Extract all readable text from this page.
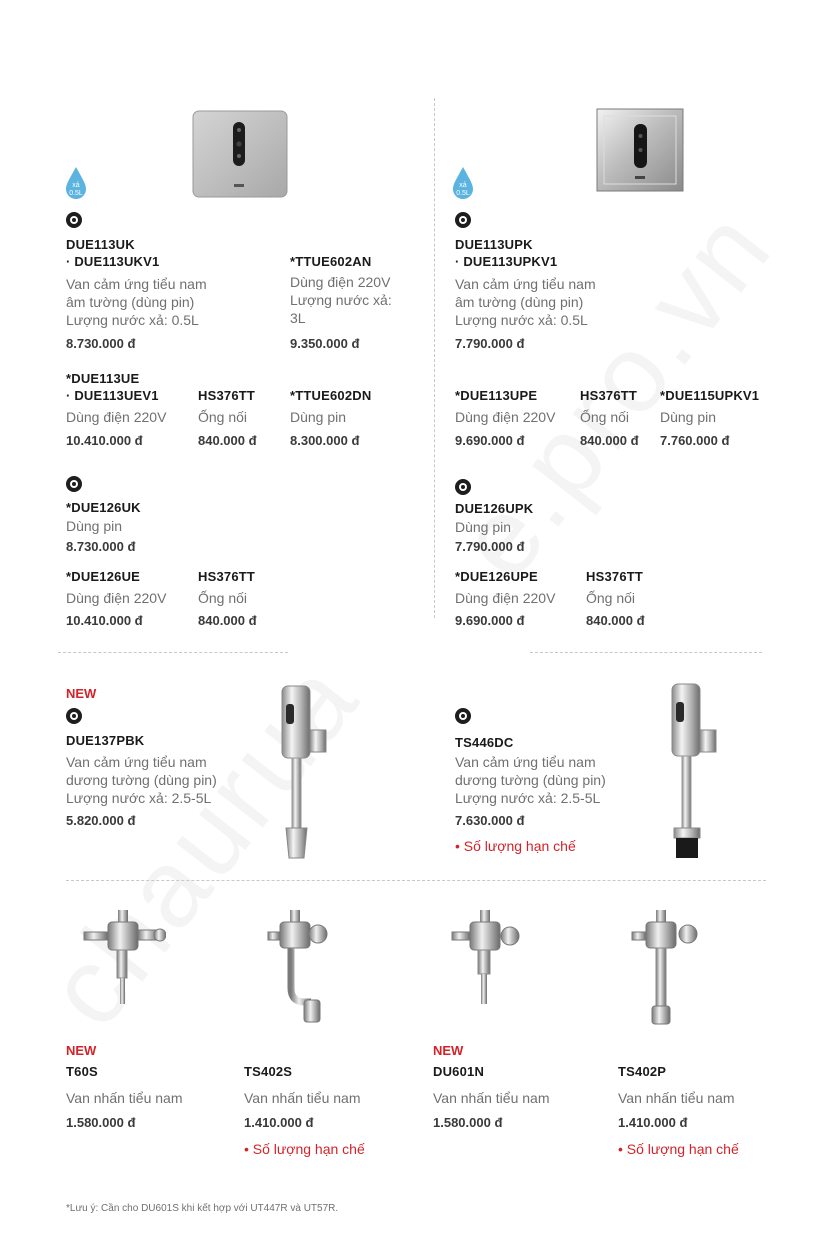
xả 0.5L
DUE113UK
· DUE113UKV1
Van cảm ứng tiểu nam
âm tường (dùng pin)
Lượng nước xả: 0.5L
8.730.000 đ
*TTUE602AN
Dùng điện 220V
Lượng nước xả:
3L
9.350.000 đ
*DUE113UE
· DUE113UEV1
Dùng điện 220V
10.410.000 đ
HS376TT
Ống nối
840.000 đ
*TTUE602DN
Dùng pin
8.300.000 đ
*DUE126UK
Dùng pin
8.730.000 đ
*DUE126UE
Dùng điện 220V
10.410.000 đ
HS376TT
Ống nối
840.000 đ
xả 0.5L
DUE113UPK
· DUE113UPKV1
Van cảm ứng tiểu nam
âm tường (dùng pin)
Lượng nước xả: 0.5L
7.790.000 đ
*DUE113UPE
Dùng điện 220V
9.690.000 đ
HS376TT
Ống nối
840.000 đ
*DUE115UPKV1
Dùng pin
7.760.000 đ
DUE126UPK
Dùng pin
7.790.000 đ
*DUE126UPE
Dùng điện 220V
9.690.000 đ
HS376TT
Ống nối
840.000 đ
NEW
DUE137PBK
Van cảm ứng tiểu nam
dương tường (dùng pin)
Lượng nước xả: 2.5-5L
5.820.000 đ
TS446DC
Van cảm ứng tiểu nam
dương tường (dùng pin)
Lượng nước xả: 2.5-5L
7.630.000 đ
• Số lượng hạn chế
NEW
T60S
Van nhấn tiểu nam
1.580.000 đ
TS402S
Van nhấn tiểu nam
1.410.000 đ
• Số lượng hạn chế
NEW
DU601N
Van nhấn tiểu nam
1.580.000 đ
TS402P
Van nhấn tiểu nam
1.410.000 đ
• Số lượng hạn chế
*Lưu ý: Cần cho DU601S khi kết hợp với UT447R và UT57R.
